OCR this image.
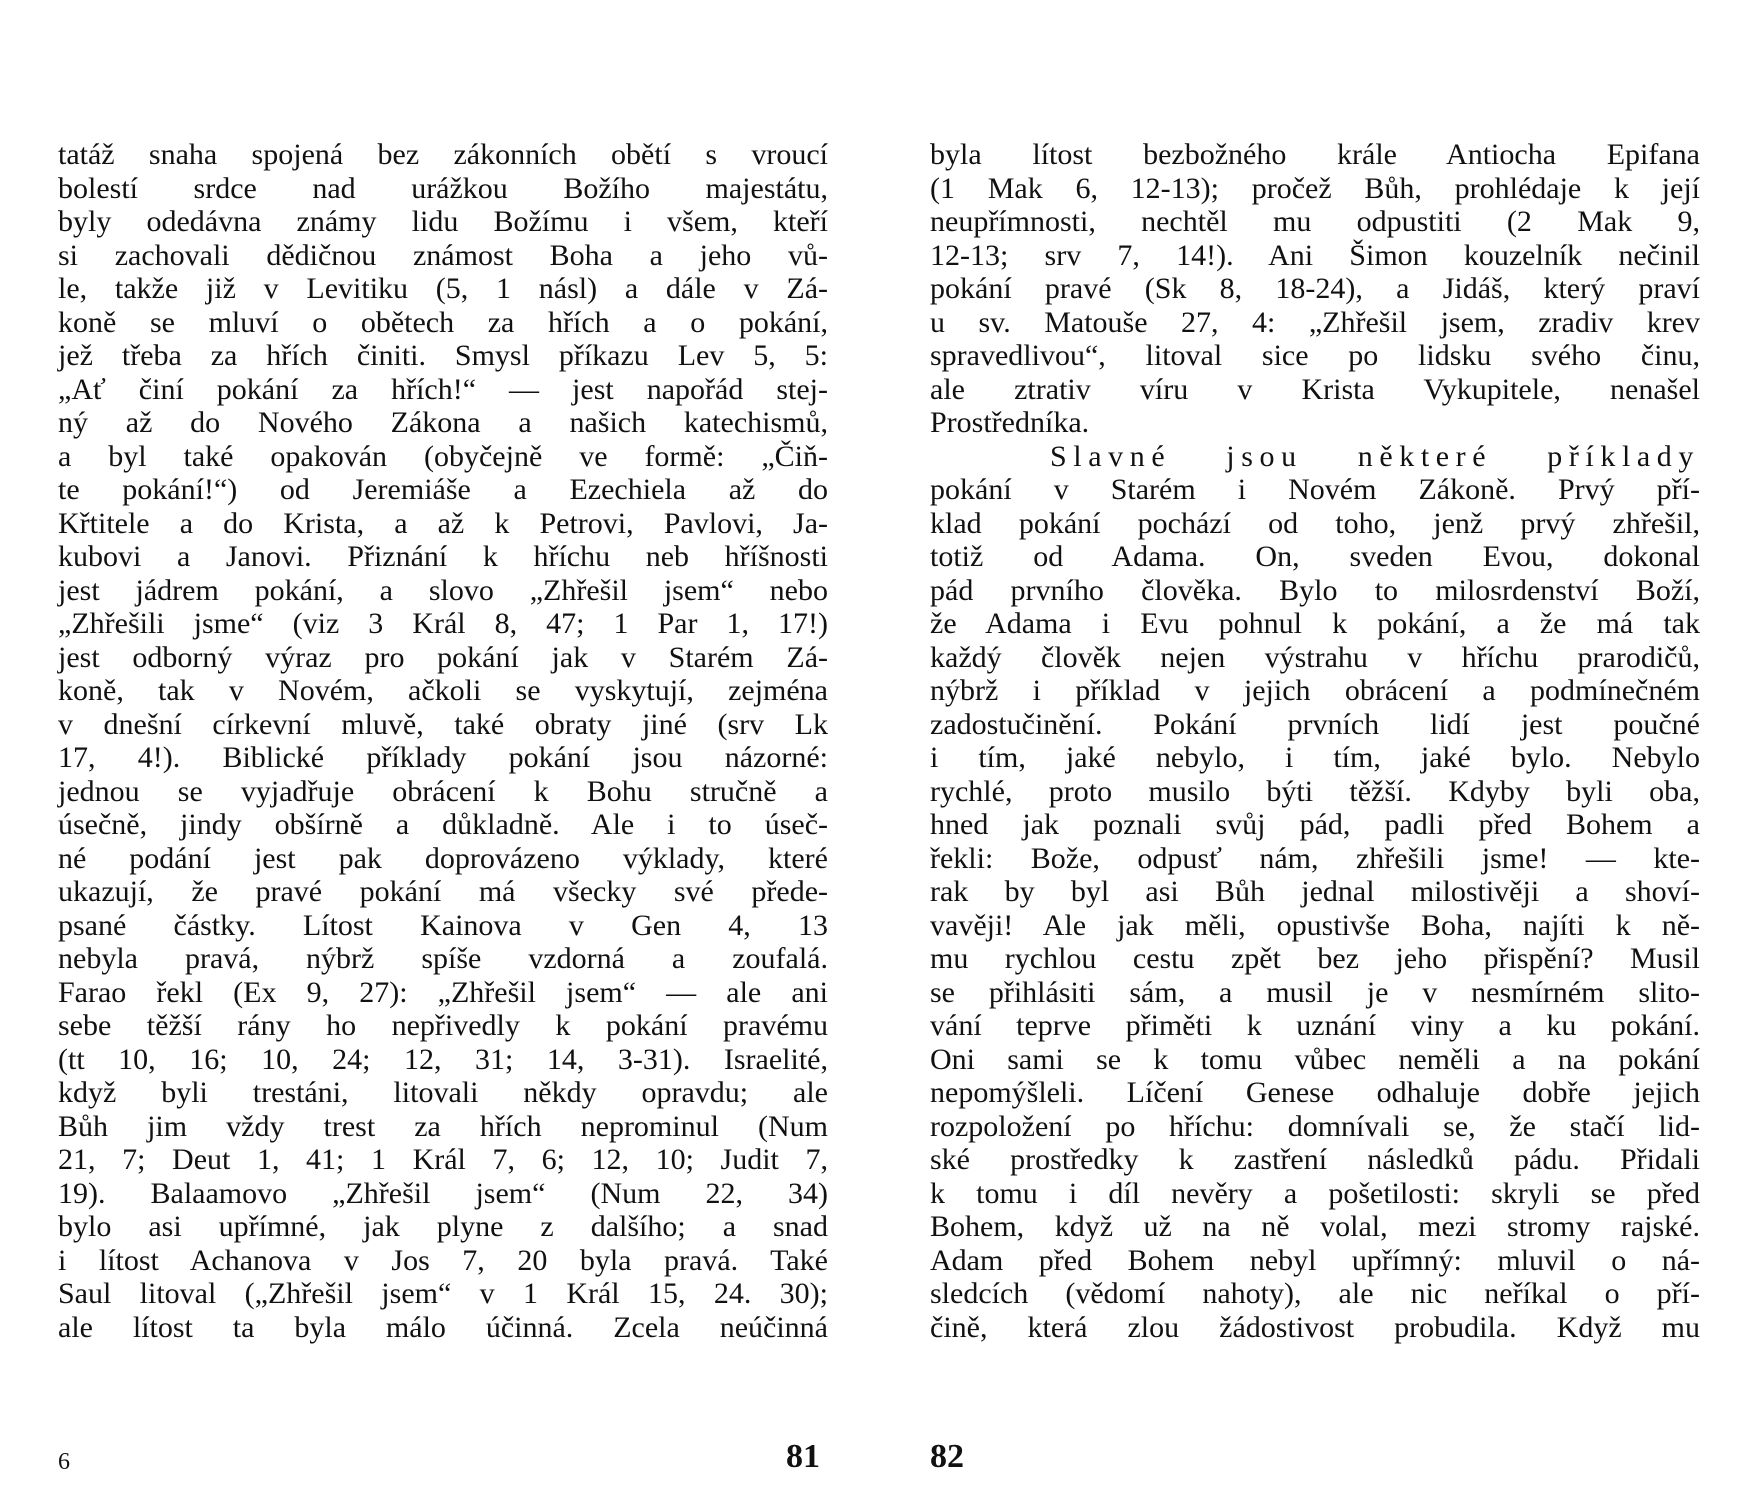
tatáž snaha spojená bez zákonních obětí s vroucí
bolestí srdce nad urážkou Božího majestátu,
byly odedávna známy lidu Božímu i všem, kteří
si zachovali dědičnou známost Boha a jeho vů-
le, takže již v Levitiku (5, 1 násl) a dále v Zá-
koně se mluví o obětech za hřích a o pokání,
jež třeba za hřích činiti. Smysl příkazu Lev 5, 5:
„Ať činí pokání za hřích!“ — jest napořád stej-
ný až do Nového Zákona a našich katechismů,
a byl také opakován (obyčejně ve formě: „Čiň-
te pokání!“) od Jeremiáše a Ezechiela až do
Křtitele a do Krista, a až k Petrovi, Pavlovi, Ja-
kubovi a Janovi. Přiznání k hříchu neb hříšnosti
jest jádrem pokání, a slovo „Zhřešil jsem“ nebo
„Zhřešili jsme“ (viz 3 Král 8, 47; 1 Par 1, 17!)
jest odborný výraz pro pokání jak v Starém Zá-
koně, tak v Novém, ačkoli se vyskytují, zejména
v dnešní církevní mluvě, také obraty jiné (srv Lk
17, 4!). Biblické příklady pokání jsou názorné:
jednou se vyjadřuje obrácení k Bohu stručně a
úsečně, jindy obšírně a důkladně. Ale i to úseč-
né podání jest pak doprovázeno výklady, které
ukazují, že pravé pokání má všecky své přede-
psané částky. Lítost Kainova v Gen 4, 13
nebyla pravá, nýbrž spíše vzdorná a zoufalá.
Farao řekl (Ex 9, 27): „Zhřešil jsem“ — ale ani
sebe těžší rány ho nepřivedly k pokání pravému
(tt 10, 16; 10, 24; 12, 31; 14, 3-31). Israelité,
když byli trestáni, litovali někdy opravdu; ale
Bůh jim vždy trest za hřích neprominul (Num
21, 7; Deut 1, 41; 1 Král 7, 6; 12, 10; Judit 7,
19). Balaamovo „Zhřešil jsem“ (Num 22, 34)
bylo asi upřímné, jak plyne z dalšího; a snad
i lítost Achanova v Jos 7, 20 byla pravá. Také
Saul litoval („Zhřešil jsem“ v 1 Král 15, 24. 30);
ale lítost ta byla málo účinná. Zcela neúčinná
byla lítost bezbožného krále Antiocha Epifana
(1 Mak 6, 12-13); pročež Bůh, prohlédaje k její
neupřímnosti, nechtěl mu odpustiti (2 Mak 9,
12-13; srv 7, 14!). Ani Šimon kouzelník nečinil
pokání pravé (Sk 8, 18-24), a Jidáš, který praví
u sv. Matouše 27, 4: „Zhřešil jsem, zradiv krev
spravedlivou“, litoval sice po lidsku svého činu,
ale ztrativ víru v Krista Vykupitele, nenašel
Prostředníka.
Slavné jsou některé příklady
pokání v Starém i Novém Zákoně. Prvý pří-
klad pokání pochází od toho, jenž prvý zhřešil,
totiž od Adama. On, sveden Evou, dokonal
pád prvního člověka. Bylo to milosrdenství Boží,
že Adama i Evu pohnul k pokání, a že má tak
každý člověk nejen výstrahu v hříchu prarodičů,
nýbrž i příklad v jejich obrácení a podmínečném
zadostučinění. Pokání prvních lidí jest poučné
i tím, jaké nebylo, i tím, jaké bylo. Nebylo
rychlé, proto musilo býti těžší. Kdyby byli oba,
hned jak poznali svůj pád, padli před Bohem a
řekli: Bože, odpusť nám, zhřešili jsme! — kte-
rak by byl asi Bůh jednal milostivěji a shoví-
vavěji! Ale jak měli, opustivše Boha, najíti k ně-
mu rychlou cestu zpět bez jeho přispění? Musil
se přihlásiti sám, a musil je v nesmírném slito-
vání teprve přiměti k uznání viny a ku pokání.
Oni sami se k tomu vůbec neměli a na pokání
nepomýšleli. Líčení Genese odhaluje dobře jejich
rozpoložení po hříchu: domnívali se, že stačí lid-
ské prostředky k zastření následků pádu. Přidali
k tomu i díl nevěry a pošetilosti: skryli se před
Bohem, když už na ně volal, mezi stromy rajské.
Adam před Bohem nebyl upřímný: mluvil o ná-
sledcích (vědomí nahoty), ale nic neříkal o pří-
čině, která zlou žádostivost probudila. Když mu
6	81	82
